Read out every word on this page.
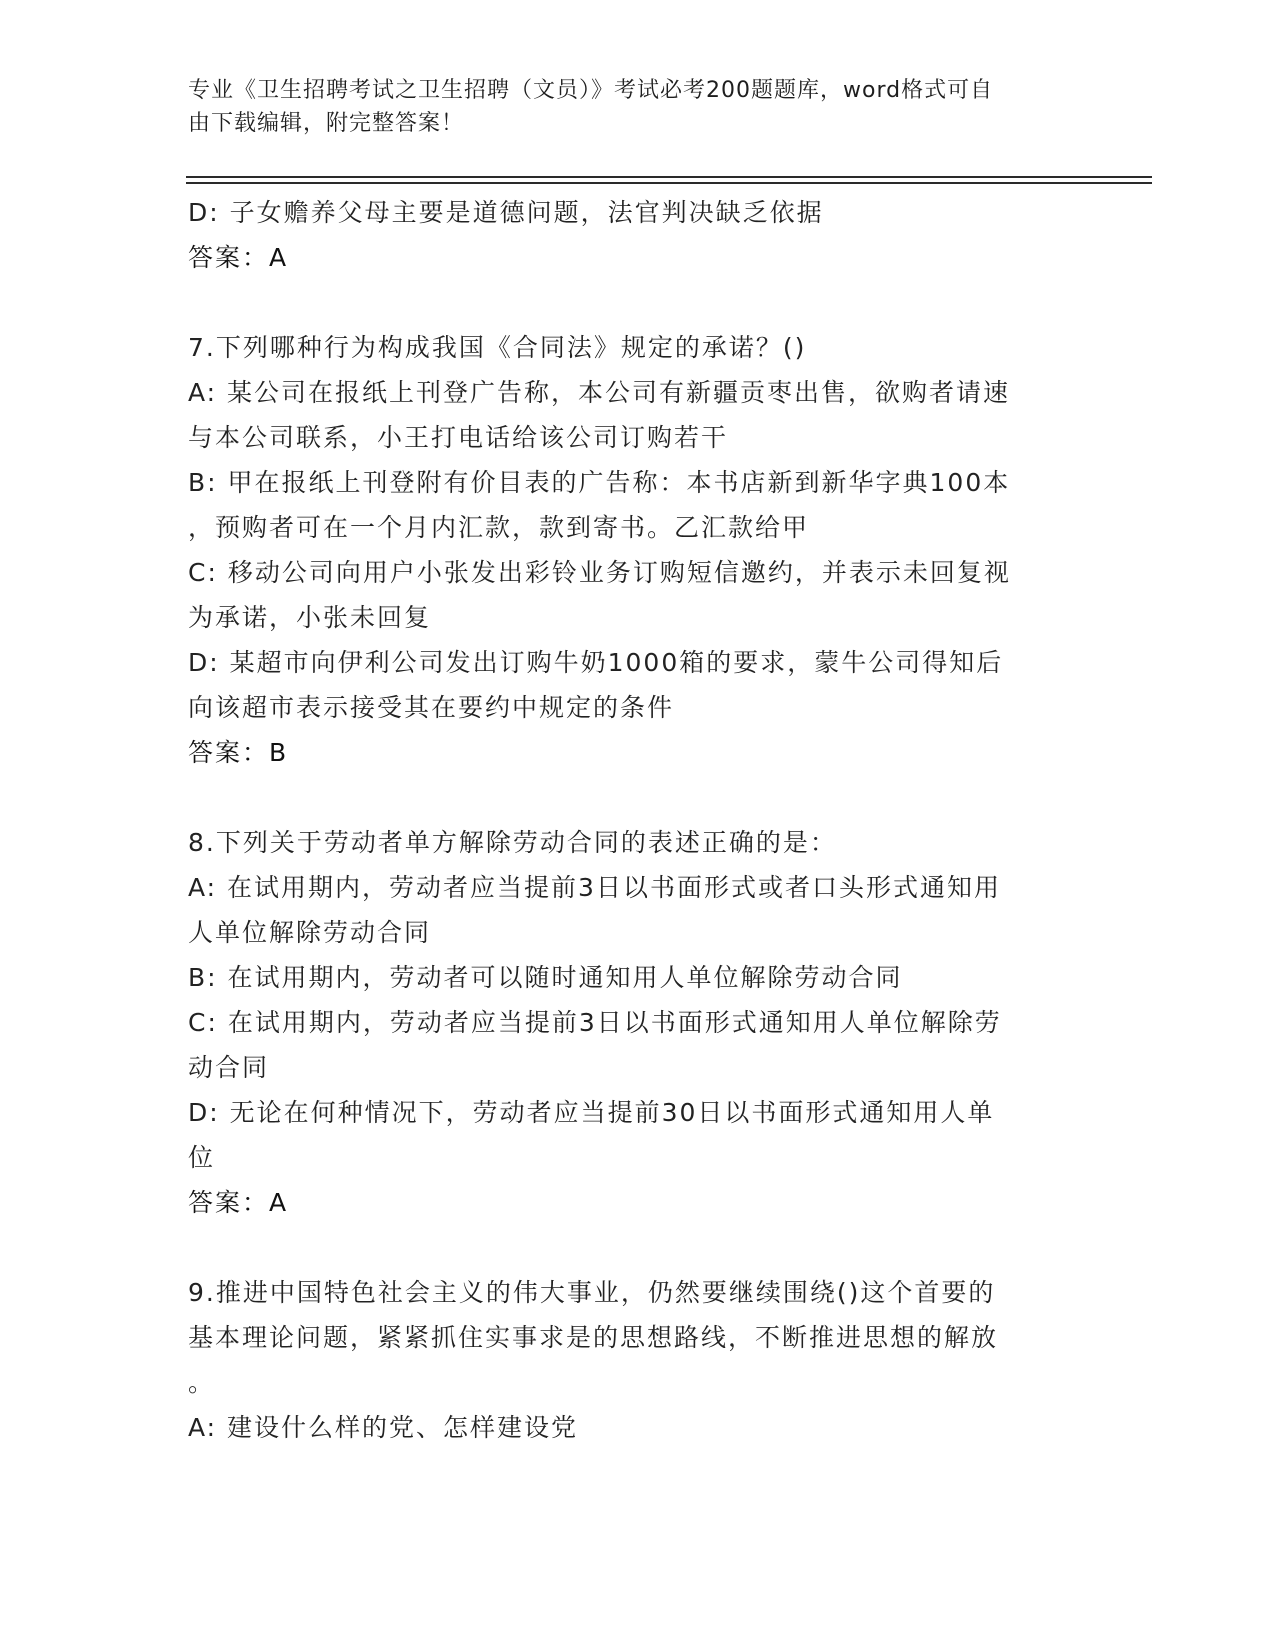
专业《卫生招聘考试之卫生招聘（文员）》考试必考200题题库，word格式可自
由下载编辑，附完整答案！
D: 子女赡养父母主要是道德问题，法官判决缺乏依据
答案：A
7.下列哪种行为构成我国《合同法》规定的承诺？()
A: 某公司在报纸上刊登广告称，本公司有新疆贡枣出售，欲购者请速
与本公司联系，小王打电话给该公司订购若干
B: 甲在报纸上刊登附有价目表的广告称：本书店新到新华字典100本
，预购者可在一个月内汇款，款到寄书。乙汇款给甲
C: 移动公司向用户小张发出彩铃业务订购短信邀约，并表示未回复视
为承诺，小张未回复
D: 某超市向伊利公司发出订购牛奶1000箱的要求，蒙牛公司得知后
向该超市表示接受其在要约中规定的条件
答案：B
8.下列关于劳动者单方解除劳动合同的表述正确的是：
A: 在试用期内，劳动者应当提前3日以书面形式或者口头形式通知用
人单位解除劳动合同
B: 在试用期内，劳动者可以随时通知用人单位解除劳动合同
C: 在试用期内，劳动者应当提前3日以书面形式通知用人单位解除劳
动合同
D: 无论在何种情况下，劳动者应当提前30日以书面形式通知用人单
位
答案：A
9.推进中国特色社会主义的伟大事业，仍然要继续围绕()这个首要的
基本理论问题，紧紧抓住实事求是的思想路线，不断推进思想的解放
。
A: 建设什么样的党、怎样建设党
